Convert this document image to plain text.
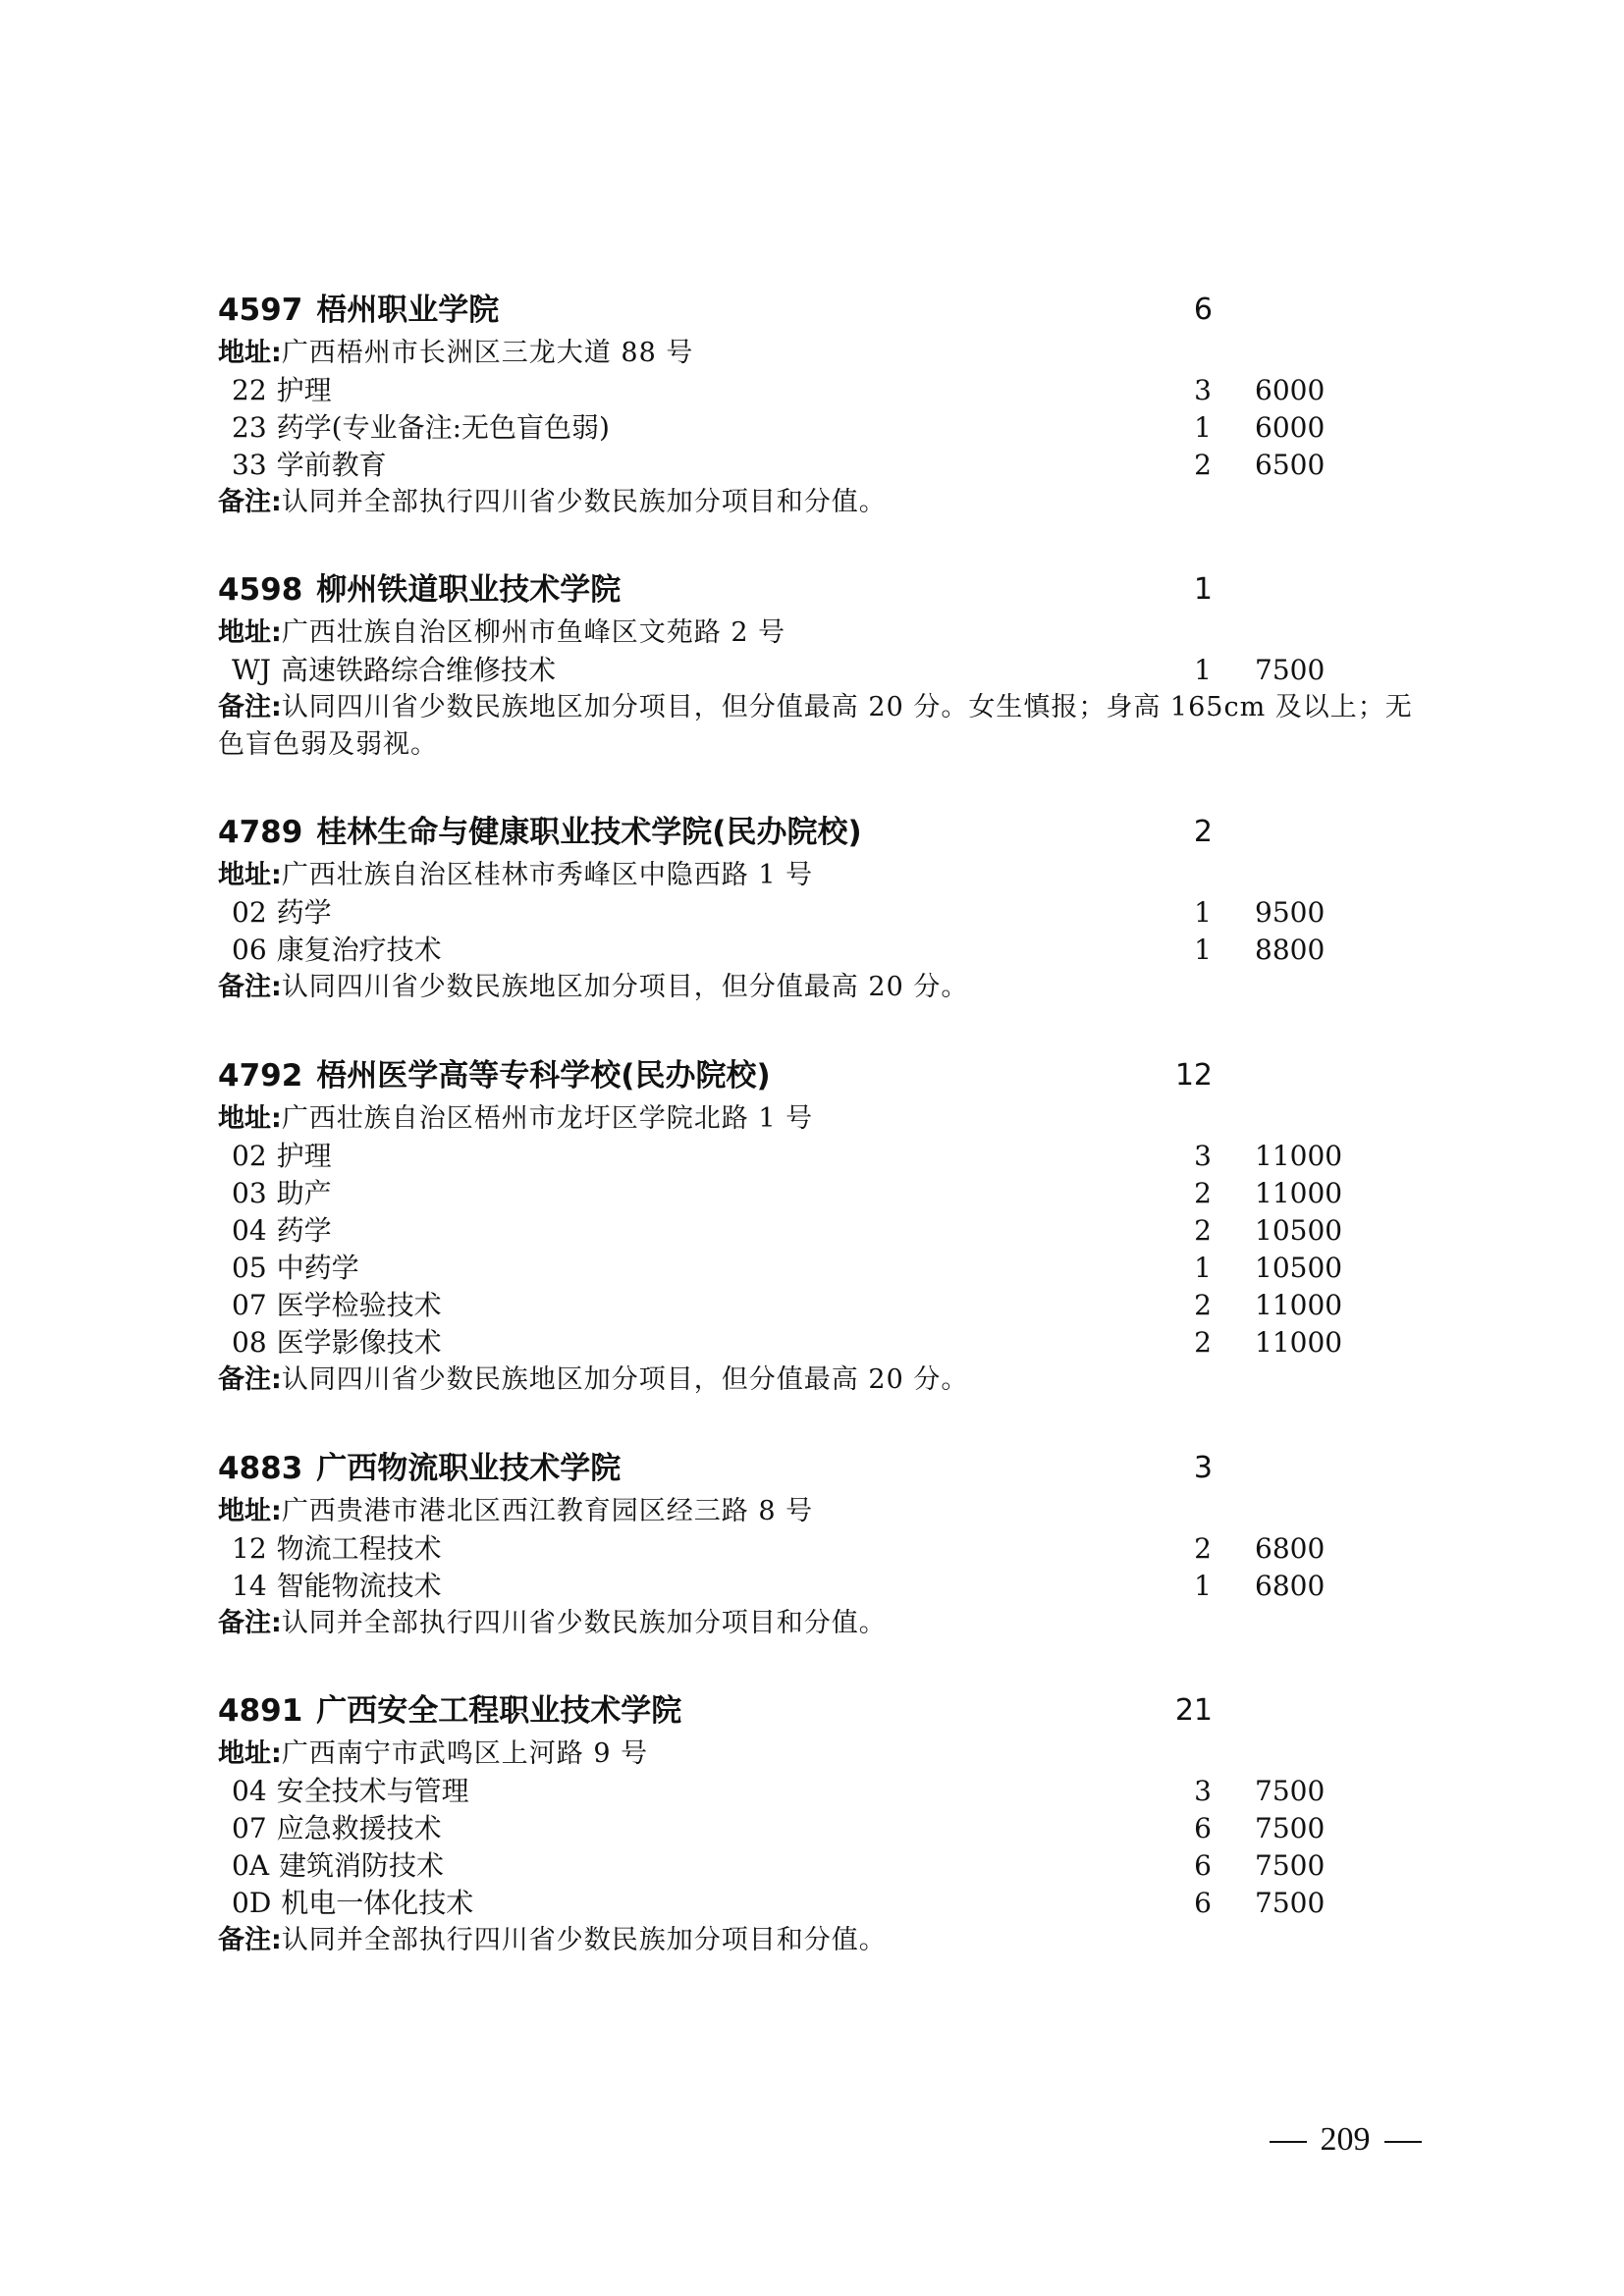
4597 梧州职业学院	6
地址:广西梧州市长洲区三龙大道 88 号
22 护理	3 6000
23 药学(专业备注:无色盲色弱)	1 6000
33 学前教育	2 6500
备注:认同并全部执行四川省少数民族加分项目和分值。
4598 柳州铁道职业技术学院	1
地址:广西壮族自治区柳州市鱼峰区文苑路 2 号
WJ 高速铁路综合维修技术	1 7500
备注:认同四川省少数民族地区加分项目，但分值最高 20 分。女生慎报；身高 165cm 及以上；无色盲色弱及弱视。
4789 桂林生命与健康职业技术学院(民办院校)	2
地址:广西壮族自治区桂林市秀峰区中隐西路 1 号
02 药学	1 9500
06 康复治疗技术	1 8800
备注:认同四川省少数民族地区加分项目，但分值最高 20 分。
4792 梧州医学高等专科学校(民办院校)	12
地址:广西壮族自治区梧州市龙圩区学院北路 1 号
02 护理	3 11000
03 助产	2 11000
04 药学	2 10500
05 中药学	1 10500
07 医学检验技术	2 11000
08 医学影像技术	2 11000
备注:认同四川省少数民族地区加分项目，但分值最高 20 分。
4883 广西物流职业技术学院	3
地址:广西贵港市港北区西江教育园区经三路 8 号
12 物流工程技术	2 6800
14 智能物流技术	1 6800
备注:认同并全部执行四川省少数民族加分项目和分值。
4891 广西安全工程职业技术学院	21
地址:广西南宁市武鸣区上河路 9 号
04 安全技术与管理	3 7500
07 应急救援技术	6 7500
0A 建筑消防技术	6 7500
0D 机电一体化技术	6 7500
备注:认同并全部执行四川省少数民族加分项目和分值。
209
